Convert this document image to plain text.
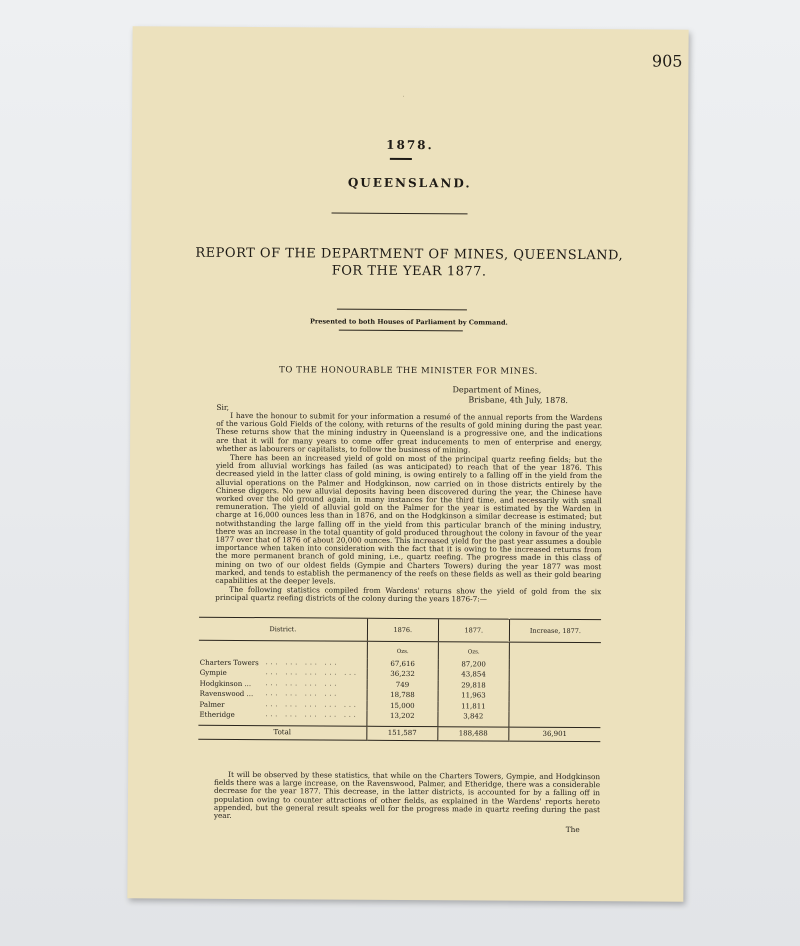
905
·
1878.
QUEENSLAND.
REPORT OF THE DEPARTMENT OF MINES, QUEENSLAND, FOR THE YEAR 1877.
Presented to both Houses of Parliament by Command.
TO THE HONOURABLE THE MINISTER FOR MINES.
Department of Mines,
Brisbane, 4th July, 1878.
Sir,

I have the honour to submit for your information a resumé of the annual reports from the Wardens of the various Gold Fields of the colony, with returns of the results of gold mining during the past year. These returns show that the mining industry in Queensland is a progressive one, and the indications are that it will for many years to come offer great inducements to men of enterprise and energy, whether as labourers or capitalists, to follow the business of mining.

There has been an increased yield of gold on most of the principal quartz reefing fields; but the yield from alluvial workings has failed (as was anticipated) to reach that of the year 1876. This decreased yield in the latter class of gold mining, is owing entirely to a falling off in the yield from the alluvial operations on the Palmer and Hodgkinson, now carried on in those districts entirely by the Chinese diggers. No new alluvial deposits having been discovered during the year, the Chinese have worked over the old ground again, in many instances for the third time, and necessarily with small remuneration. The yield of alluvial gold on the Palmer for the year is estimated by the Warden in charge at 16,000 ounces less than in 1876, and on the Hodgkinson a similar decrease is estimated; but notwithstanding the large falling off in the yield from this particular branch of the mining industry, there was an increase in the total quantity of gold produced throughout the colony in favour of the year 1877 over that of 1876 of about 20,000 ounces. This increased yield for the past year assumes a double importance when taken into consideration with the fact that it is owing to the increased returns from the more permanent branch of gold mining, i.e., quartz reefing. The progress made in this class of mining on two of our oldest fields (Gympie and Charters Towers) during the year 1877 was most marked, and tends to establish the permanency of the reefs on these fields as well as their gold bearing capabilities at the deeper levels.

The following statistics compiled from Wardens' returns show the yield of gold from the six principal quartz reefing districts of the colony during the years 1876-7:—

District.	1876.	1877.	Increase, 1877.
	Ozs.	Ozs.	

Charters Towers ... ... ... ...	67,616	87,200	

Gympie ... ... ... ... ...	36,232	43,854	

Hodgkinson ... ... ... ... ...	749	29,818	

Ravenswood ... ... ... ... ...	18,788	11,963	

Palmer ... ... ... ... ...	15,000	11,811	

Etheridge ... ... ... ... ...	13,202	3,842	
Total	151,587	188,488	36,901

It will be observed by these statistics, that while on the Charters Towers, Gympie, and Hodgkinson fields there was a large increase, on the Ravenswood, Palmer, and Etheridge, there was a considerable decrease for the year 1877. This decrease, in the latter districts, is accounted for by a falling off in population owing to counter attractions of other fields, as explained in the Wardens' reports hereto appended, but the general result speaks well for the progress made in quartz reefing during the past year.

The
